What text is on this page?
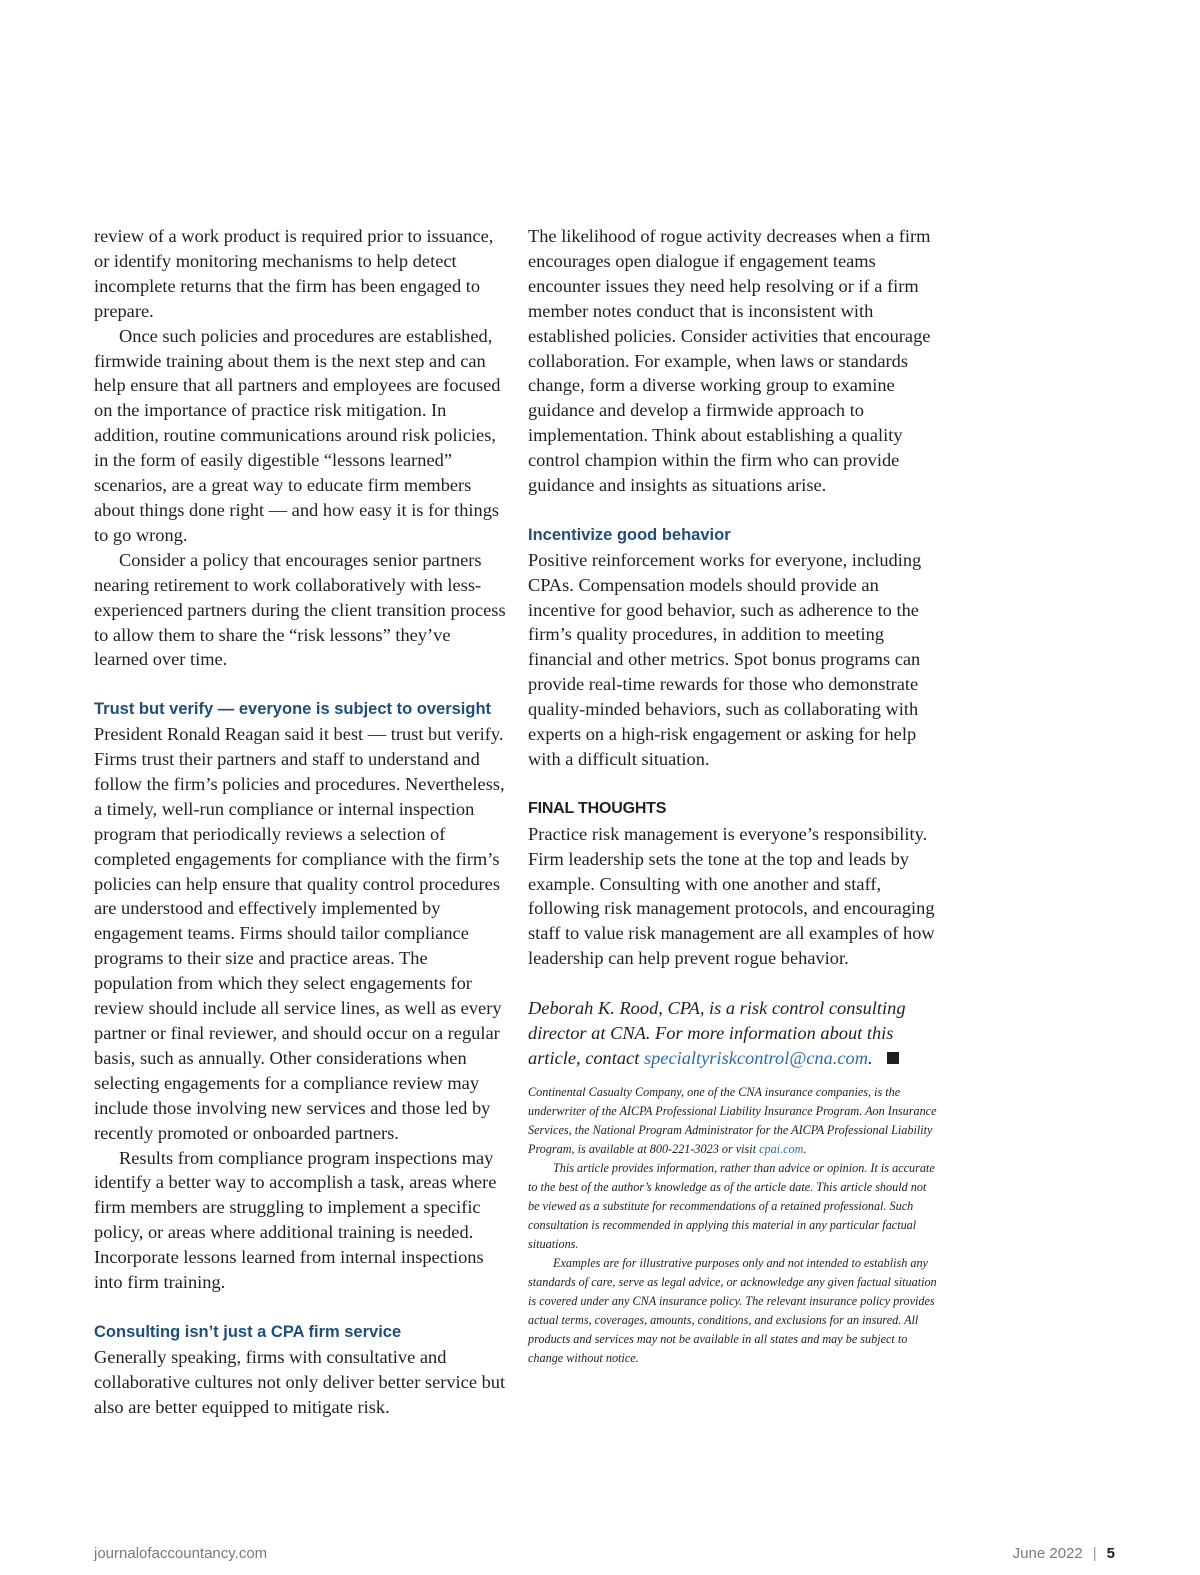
review of a work product is required prior to issuance, or identify monitoring mechanisms to help detect incomplete returns that the firm has been engaged to prepare.

Once such policies and procedures are established, firmwide training about them is the next step and can help ensure that all partners and employees are focused on the importance of practice risk mitigation. In addition, routine communications around risk policies, in the form of easily digestible “lessons learned” scenarios, are a great way to educate firm members about things done right — and how easy it is for things to go wrong.

Consider a policy that encourages senior partners nearing retirement to work collaboratively with less-experienced partners during the client transition process to allow them to share the “risk lessons” they’ve learned over time.

Trust but verify — everyone is subject to oversight

President Ronald Reagan said it best — trust but verify. Firms trust their partners and staff to understand and follow the firm’s policies and procedures. Nevertheless, a timely, well-run compliance or internal inspection program that periodically reviews a selection of completed engagements for compliance with the firm’s policies can help ensure that quality control procedures are understood and effectively implemented by engagement teams. Firms should tailor compliance programs to their size and practice areas. The population from which they select engagements for review should include all service lines, as well as every partner or final reviewer, and should occur on a regular basis, such as annually. Other considerations when selecting engagements for a compliance review may include those involving new services and those led by recently promoted or onboarded partners.

Results from compliance program inspections may identify a better way to accomplish a task, areas where firm members are struggling to implement a specific policy, or areas where additional training is needed. Incorporate lessons learned from internal inspections into firm training.

Consulting isn’t just a CPA firm service

Generally speaking, firms with consultative and collaborative cultures not only deliver better service but also are better equipped to mitigate risk.

The likelihood of rogue activity decreases when a firm encourages open dialogue if engagement teams encounter issues they need help resolving or if a firm member notes conduct that is inconsistent with established policies. Consider activities that encourage collaboration. For example, when laws or standards change, form a diverse working group to examine guidance and develop a firmwide approach to implementation. Think about establishing a quality control champion within the firm who can provide guidance and insights as situations arise.

Incentivize good behavior

Positive reinforcement works for everyone, including CPAs. Compensation models should provide an incentive for good behavior, such as adherence to the firm’s quality procedures, in addition to meeting financial and other metrics. Spot bonus programs can provide real-time rewards for those who demonstrate quality-minded behaviors, such as collaborating with experts on a high-risk engagement or asking for help with a difficult situation.

FINAL THOUGHTS

Practice risk management is everyone’s responsibility. Firm leadership sets the tone at the top and leads by example. Consulting with one another and staff, following risk management protocols, and encouraging staff to value risk management are all examples of how leadership can help prevent rogue behavior.

Deborah K. Rood, CPA, is a risk control consulting director at CNA. For more information about this article, contact specialtyriskcontrol@cna.com.

Continental Casualty Company, one of the CNA insurance companies, is the underwriter of the AICPA Professional Liability Insurance Program. Aon Insurance Services, the National Program Administrator for the AICPA Professional Liability Program, is available at 800-221-3023 or visit cpai.com.

This article provides information, rather than advice or opinion. It is accurate to the best of the author’s knowledge as of the article date. This article should not be viewed as a substitute for recommendations of a retained professional. Such consultation is recommended in applying this material in any particular factual situations.

Examples are for illustrative purposes only and not intended to establish any standards of care, serve as legal advice, or acknowledge any given factual situation is covered under any CNA insurance policy. The relevant insurance policy provides actual terms, coverages, amounts, conditions, and exclusions for an insured. All products and services may not be available in all states and may be subject to change without notice.

journalofaccountancy.com	June 2022 | 5
